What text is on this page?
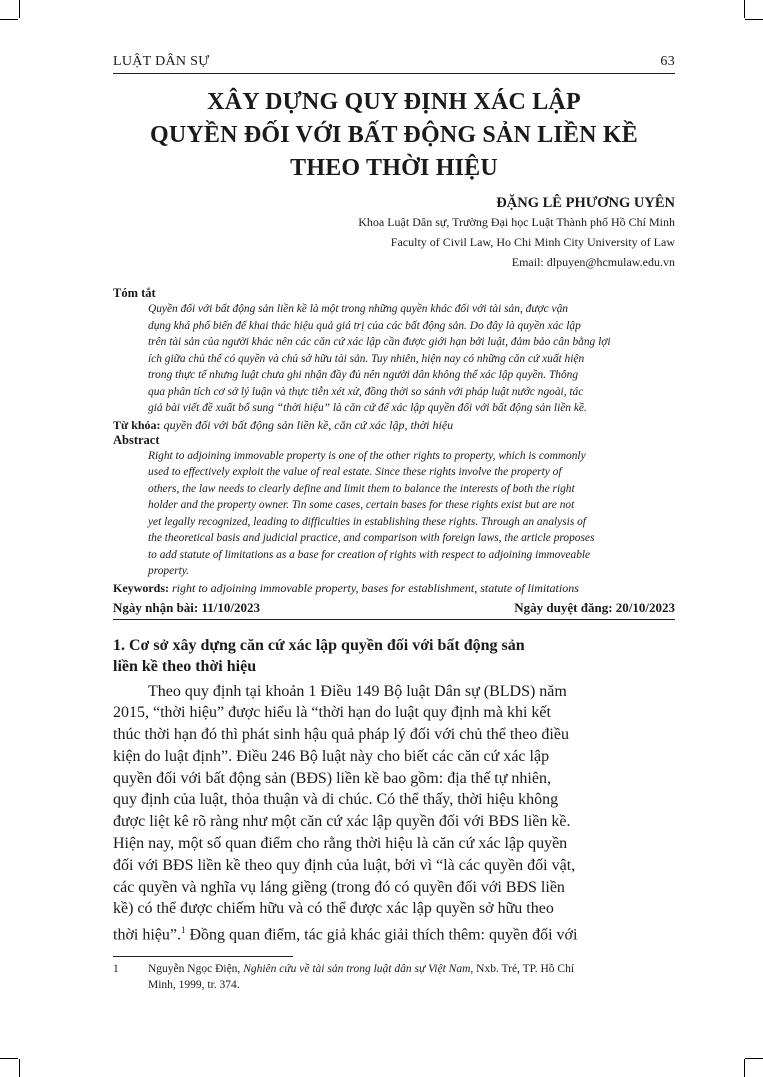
LUẬT DÂN SỰ	63
XÂY DỰNG QUY ĐỊNH XÁC LẬP
QUYỀN ĐỐI VỚI BẤT ĐỘNG SẢN LIỀN KỀ
THEO THỜI HIỆU
ĐẶNG LÊ PHƯƠNG UYÊN
Khoa Luật Dân sự, Trường Đại học Luật Thành phố Hồ Chí Minh
Faculty of Civil Law, Ho Chi Minh City University of Law
Email: dlpuyen@hcmulaw.edu.vn
Tóm tắt
Quyền đối với bất động sản liền kề là một trong những quyền khác đối với tài sản, được vận
dụng khá phổ biến để khai thác hiệu quả giá trị của các bất động sản. Do đây là quyền xác lập
trên tài sản của người khác nên các căn cứ xác lập cần được giới hạn bởi luật, đảm bảo cân bằng lợi
ích giữa chủ thể có quyền và chủ sở hữu tài sản. Tuy nhiên, hiện nay có những căn cứ xuất hiện
trong thực tế nhưng luật chưa ghi nhận đầy đủ nên người dân không thể xác lập quyền. Thông
qua phân tích cơ sở lý luận và thực tiễn xét xử, đồng thời so sánh với pháp luật nước ngoài, tác
giả bài viết đề xuất bổ sung “thời hiệu” là căn cứ để xác lập quyền đối với bất động sản liền kề.
Từ khóa: quyền đối với bất động sản liền kề, căn cứ xác lập, thời hiệu
Abstract
Right to adjoining immovable property is one of the other rights to property, which is commonly
used to effectively exploit the value of real estate. Since these rights involve the property of
others, the law needs to clearly define and limit them to balance the interests of both the right
holder and the property owner. Tin some cases, certain bases for these rights exist but are not
yet legally recognized, leading to difficulties in establishing these rights. Through an analysis of
the theoretical basis and judicial practice, and comparison with foreign laws, the article proposes
to add statute of limitations as a base for creation of rights with respect to adjoining immoveable
property.
Keywords: right to adjoining immovable property, bases for establishment, statute of limitations
Ngày nhận bài: 11/10/2023	Ngày duyệt đăng: 20/10/2023
1. Cơ sở xây dựng căn cứ xác lập quyền đối với bất động sản
liền kề theo thời hiệu
Theo quy định tại khoản 1 Điều 149 Bộ luật Dân sự (BLDS) năm
2015, “thời hiệu” được hiểu là “thời hạn do luật quy định mà khi kết
thúc thời hạn đó thì phát sinh hậu quả pháp lý đối với chủ thể theo điều
kiện do luật định”. Điều 246 Bộ luật này cho biết các căn cứ xác lập
quyền đối với bất động sản (BĐS) liền kề bao gồm: địa thế tự nhiên,
quy định của luật, thỏa thuận và di chúc. Có thể thấy, thời hiệu không
được liệt kê rõ ràng như một căn cứ xác lập quyền đối với BĐS liền kề.
Hiện nay, một số quan điểm cho rằng thời hiệu là căn cứ xác lập quyền
đối với BĐS liền kề theo quy định của luật, bởi vì “là các quyền đối vật,
các quyền và nghĩa vụ láng giềng (trong đó có quyền đối với BĐS liền
kề) có thể được chiếm hữu và có thể được xác lập quyền sở hữu theo
thời hiệu”.$^1$ Đồng quan điểm, tác giả khác giải thích thêm: quyền đối với
1	Nguyễn Ngọc Điện, Nghiên cứu về tài sản trong luật dân sự Việt Nam, Nxb. Trẻ, TP. Hồ Chí
Minh, 1999, tr. 374.
